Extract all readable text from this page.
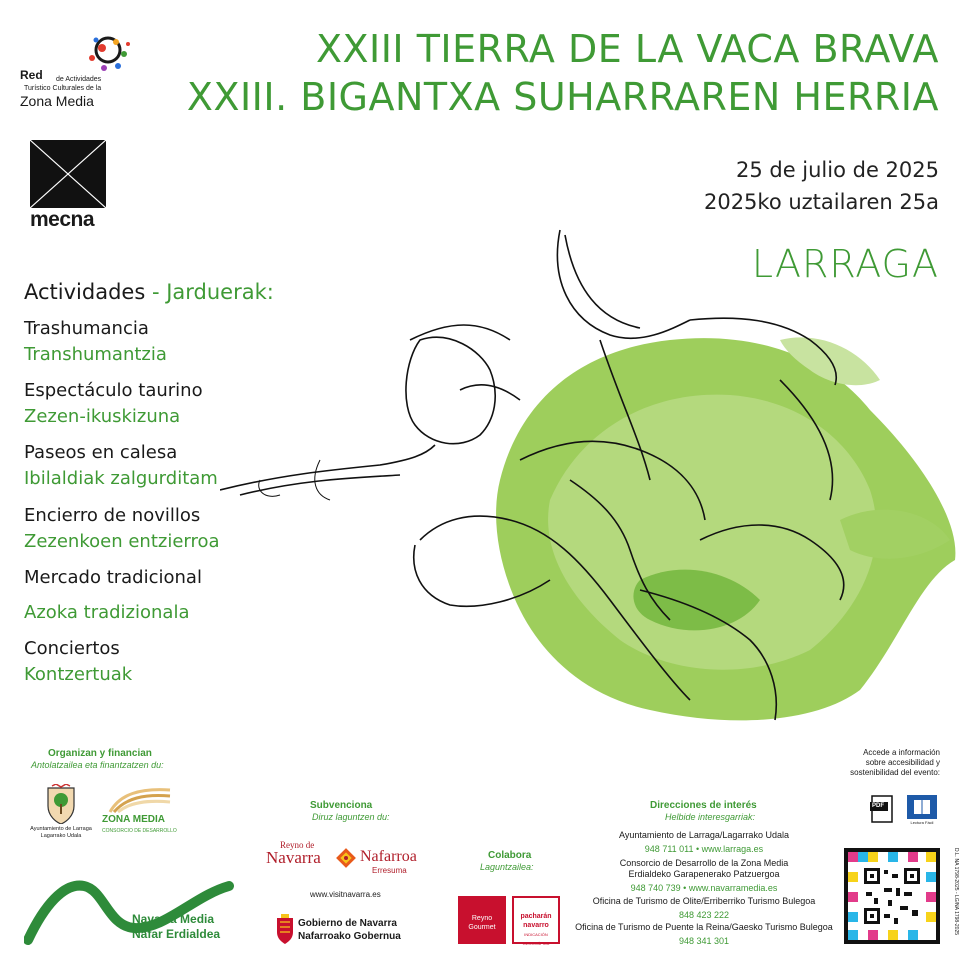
Red de Actividades
Turístico Culturales de la
Zona Media
mecna
XXIII TIERRA DE LA VACA BRAVA
XXIII. BIGANTXA SUHARRAREN HERRIA
25 de julio de 2025
2025ko uztailaren 25a
LARRAGA
Actividades - Jarduerak:
Trashumancia
Transhumantzia
Espectáculo taurino
Zezen-ikuskizuna
Paseos en calesa
Ibilaldiak zalgurditam
Encierro de novillos
Zezenkoen entzierroa
Mercado tradicional
Azoka tradizionala
Conciertos
Kontzertuak
Organizan y financian
Antolatzailea eta finantzatzen du:
Ayuntamiento de Larraga Lagarrako Udala
ZONA MEDIA
CONSORCIO DE DESARROLLO
Navarra Media
Nafar Erdialdea
Subvenciona
Diruz laguntzen du:
Reyno de
Navarra Nafarroa
Erresuma
www.visitnavarra.es
Gobierno de Navarra
Nafarroako Gobernua
Colabora
Laguntzailea:
Reyno Gourmet
pacharán navarro
INDICACIÓN GEOGRÁFICA
Direcciones de interés
Helbide interesgarriak:
Ayuntamiento de Larraga/Lagarrako Udala
948 711 011 • www.larraga.es
Consorcio de Desarrollo de la Zona Media
Erdialdeko Garapenerako Patzuergoa
948 740 739 • www.navarramedia.es
Oficina de Turismo de Olite/Erriberriko Turismo Bulegoa
848 423 222
Oficina de Turismo de Puente la Reina/Gaesko Turismo Bulegoa
948 341 301
Accede a información sobre accesibilidad y sostenibilidad del evento:
PDF
Lectura Fácil
D.L. NA 1798-2025 - LG/NA 1798-2025
